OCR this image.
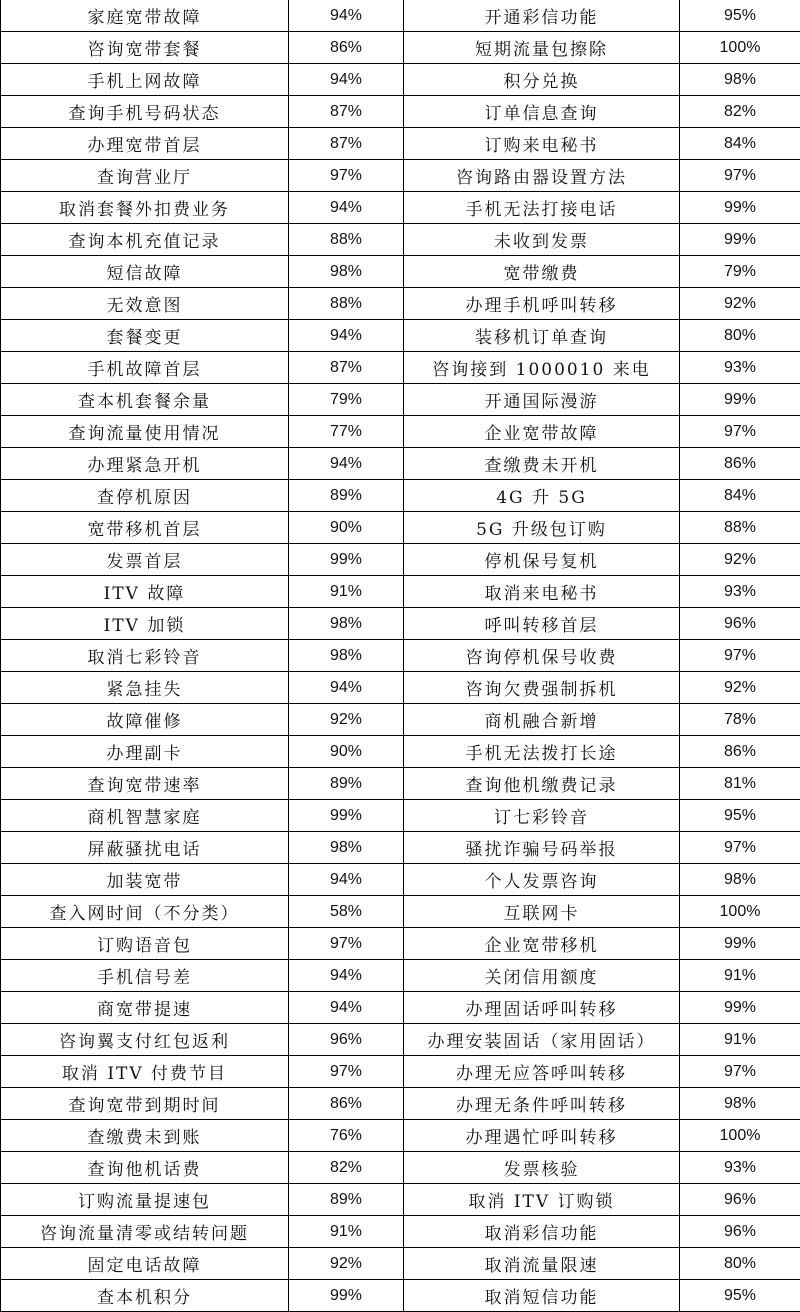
家庭宽带故障	94%	开通彩信功能	95%
咨询宽带套餐	86%	短期流量包擦除	100%
手机上网故障	94%	积分兑换	98%
查询手机号码状态	87%	订单信息查询	82%
办理宽带首层	87%	订购来电秘书	84%
查询营业厅	97%	咨询路由器设置方法	97%
取消套餐外扣费业务	94%	手机无法打接电话	99%
查询本机充值记录	88%	未收到发票	99%
短信故障	98%	宽带缴费	79%
无效意图	88%	办理手机呼叫转移	92%
套餐变更	94%	装移机订单查询	80%
手机故障首层	87%	咨询接到 1000010 来电	93%
查本机套餐余量	79%	开通国际漫游	99%
查询流量使用情况	77%	企业宽带故障	97%
办理紧急开机	94%	查缴费未开机	86%
查停机原因	89%	4G 升 5G	84%
宽带移机首层	90%	5G 升级包订购	88%
发票首层	99%	停机保号复机	92%
ITV 故障	91%	取消来电秘书	93%
ITV 加锁	98%	呼叫转移首层	96%
取消七彩铃音	98%	咨询停机保号收费	97%
紧急挂失	94%	咨询欠费强制拆机	92%
故障催修	92%	商机融合新增	78%
办理副卡	90%	手机无法拨打长途	86%
查询宽带速率	89%	查询他机缴费记录	81%
商机智慧家庭	99%	订七彩铃音	95%
屏蔽骚扰电话	98%	骚扰诈骗号码举报	97%
加装宽带	94%	个人发票咨询	98%
查入网时间（不分类）	58%	互联网卡	100%
订购语音包	97%	企业宽带移机	99%
手机信号差	94%	关闭信用额度	91%
商宽带提速	94%	办理固话呼叫转移	99%
咨询翼支付红包返利	96%	办理安装固话（家用固话）	91%
取消 ITV 付费节目	97%	办理无应答呼叫转移	97%
查询宽带到期时间	86%	办理无条件呼叫转移	98%
查缴费未到账	76%	办理遇忙呼叫转移	100%
查询他机话费	82%	发票核验	93%
订购流量提速包	89%	取消 ITV 订购锁	96%
咨询流量清零或结转问题	91%	取消彩信功能	96%
固定电话故障	92%	取消流量限速	80%
查本机积分	99%	取消短信功能	95%
